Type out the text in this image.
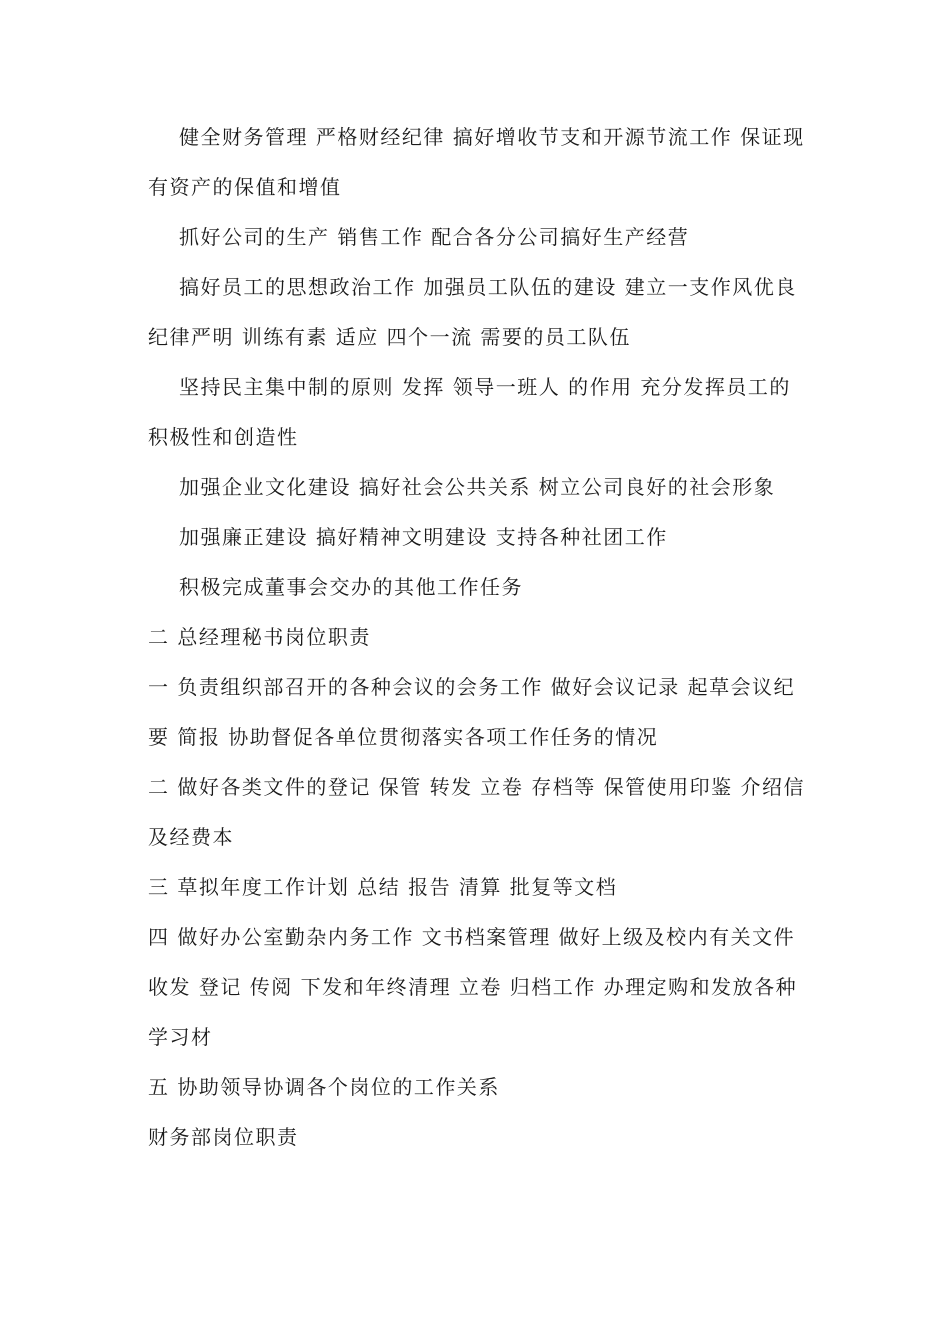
健全财务管理 严格财经纪律 搞好增收节支和开源节流工作 保证现有资产的保值和增值

抓好公司的生产 销售工作 配合各分公司搞好生产经营

搞好员工的思想政治工作 加强员工队伍的建设 建立一支作风优良 纪律严明 训练有素 适应 四个一流 需要的员工队伍

坚持民主集中制的原则 发挥 领导一班人 的作用 充分发挥员工的积极性和创造性

加强企业文化建设 搞好社会公共关系 树立公司良好的社会形象

加强廉正建设 搞好精神文明建设 支持各种社团工作

积极完成董事会交办的其他工作任务

二 总经理秘书岗位职责

一 负责组织部召开的各种会议的会务工作 做好会议记录 起草会议纪要 简报 协助督促各单位贯彻落实各项工作任务的情况

二 做好各类文件的登记 保管 转发 立卷 存档等 保管使用印鉴 介绍信及经费本

三 草拟年度工作计划 总结 报告 清算 批复等文档

四 做好办公室勤杂内务工作 文书档案管理 做好上级及校内有关文件收发 登记 传阅 下发和年终清理 立卷 归档工作 办理定购和发放各种学习材

五 协助领导协调各个岗位的工作关系

财务部岗位职责
